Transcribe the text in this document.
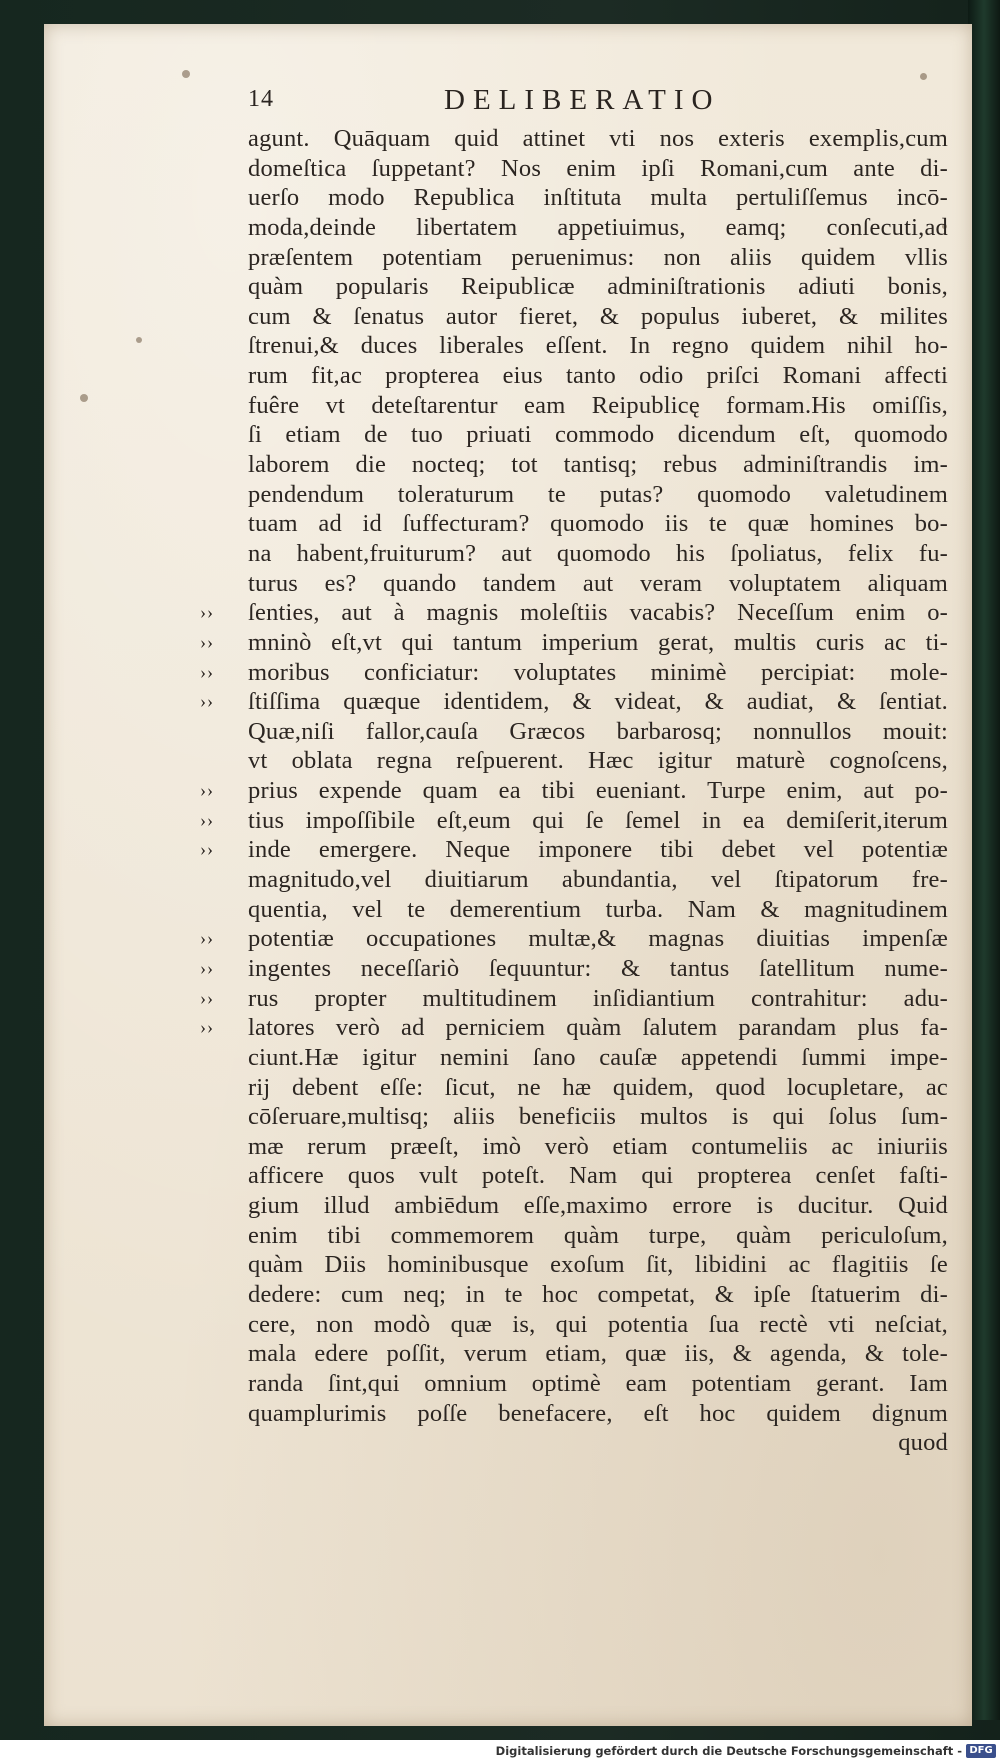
14	DELIBERATIO
agunt. Quāquam quid attinet vti nos exteris exemplis,cum
domeſtica ſuppetant? Nos enim ipſi Romani,cum ante di-
uerſo modo Republica inſtituta multa pertuliſſemus incō-
moda,deinde libertatem appetiuimus, eamq; conſecuti,ad
præſentem potentiam peruenimus: non aliis quidem vllis
quàm popularis Reipublicæ adminiſtrationis adiuti bonis,
cum & ſenatus autor fieret, & populus iuberet, & milites
ſtrenui,& duces liberales eſſent. In regno quidem nihil ho-
rum fit,ac propterea eius tanto odio priſci Romani affecti
fuêre vt deteſtarentur eam Reipublicę formam.His omiſſis,
ſi etiam de tuo priuati commodo dicendum eſt, quomodo
laborem die nocteq; tot tantisq; rebus adminiſtrandis im-
pendendum toleraturum te putas? quomodo valetudinem
tuam ad id ſuffecturam? quomodo iis te quæ homines bo-
na habent,fruiturum? aut quomodo his ſpoliatus, felix fu-
turus es? quando tandem aut veram voluptatem aliquam
ſenties, aut à magnis moleſtiis vacabis? Neceſſum enim o-
››
mninò eſt,vt qui tantum imperium gerat, multis curis ac ti-
››
moribus conficiatur: voluptates minimè percipiat: mole-
››
ſtiſſima quæque identidem, & videat, & audiat, & ſentiat.
››
Quæ,niſi fallor,cauſa Græcos barbarosq; nonnullos mouit:
vt oblata regna reſpuerent. Hæc igitur maturè cognoſcens,
prius expende quam ea tibi eueniant. Turpe enim, aut po-
››
tius impoſſibile eſt,eum qui ſe ſemel in ea demiſerit,iterum
››
inde emergere. Neque imponere tibi debet vel potentiæ
››
magnitudo,vel diuitiarum abundantia, vel ſtipatorum fre-
quentia, vel te demerentium turba. Nam & magnitudinem
potentiæ occupationes multæ,& magnas diuitias impenſæ
››
ingentes neceſſariò ſequuntur: & tantus ſatellitum nume-
››
rus propter multitudinem inſidiantium contrahitur: adu-
››
latores verò ad perniciem quàm ſalutem parandam plus fa-
››
ciunt.Hæ igitur nemini ſano cauſæ appetendi ſummi impe-
rij debent eſſe: ſicut, ne hæ quidem, quod locupletare, ac
cōſeruare,multisq; aliis beneficiis multos is qui ſolus ſum-
mæ rerum præeſt, imò verò etiam contumeliis ac iniuriis
afficere quos vult poteſt. Nam qui propterea cenſet faſti-
gium illud ambiēdum eſſe,maximo errore is ducitur. Quid
enim tibi commemorem quàm turpe, quàm periculoſum,
quàm Diis hominibusque exoſum ſit, libidini ac flagitiis ſe
dedere: cum neq; in te hoc competat, & ipſe ſtatuerim di-
cere, non modò quæ is, qui potentia ſua rectè vti neſciat,
mala edere poſſit, verum etiam, quæ iis, & agenda, & tole-
randa ſint,qui omnium optimè eam potentiam gerant. Iam
quamplurimis poſſe benefacere, eſt hoc quidem dignum
quod
Digitalisierung gefördert durch die Deutsche Forschungsgemeinschaft - DFG
